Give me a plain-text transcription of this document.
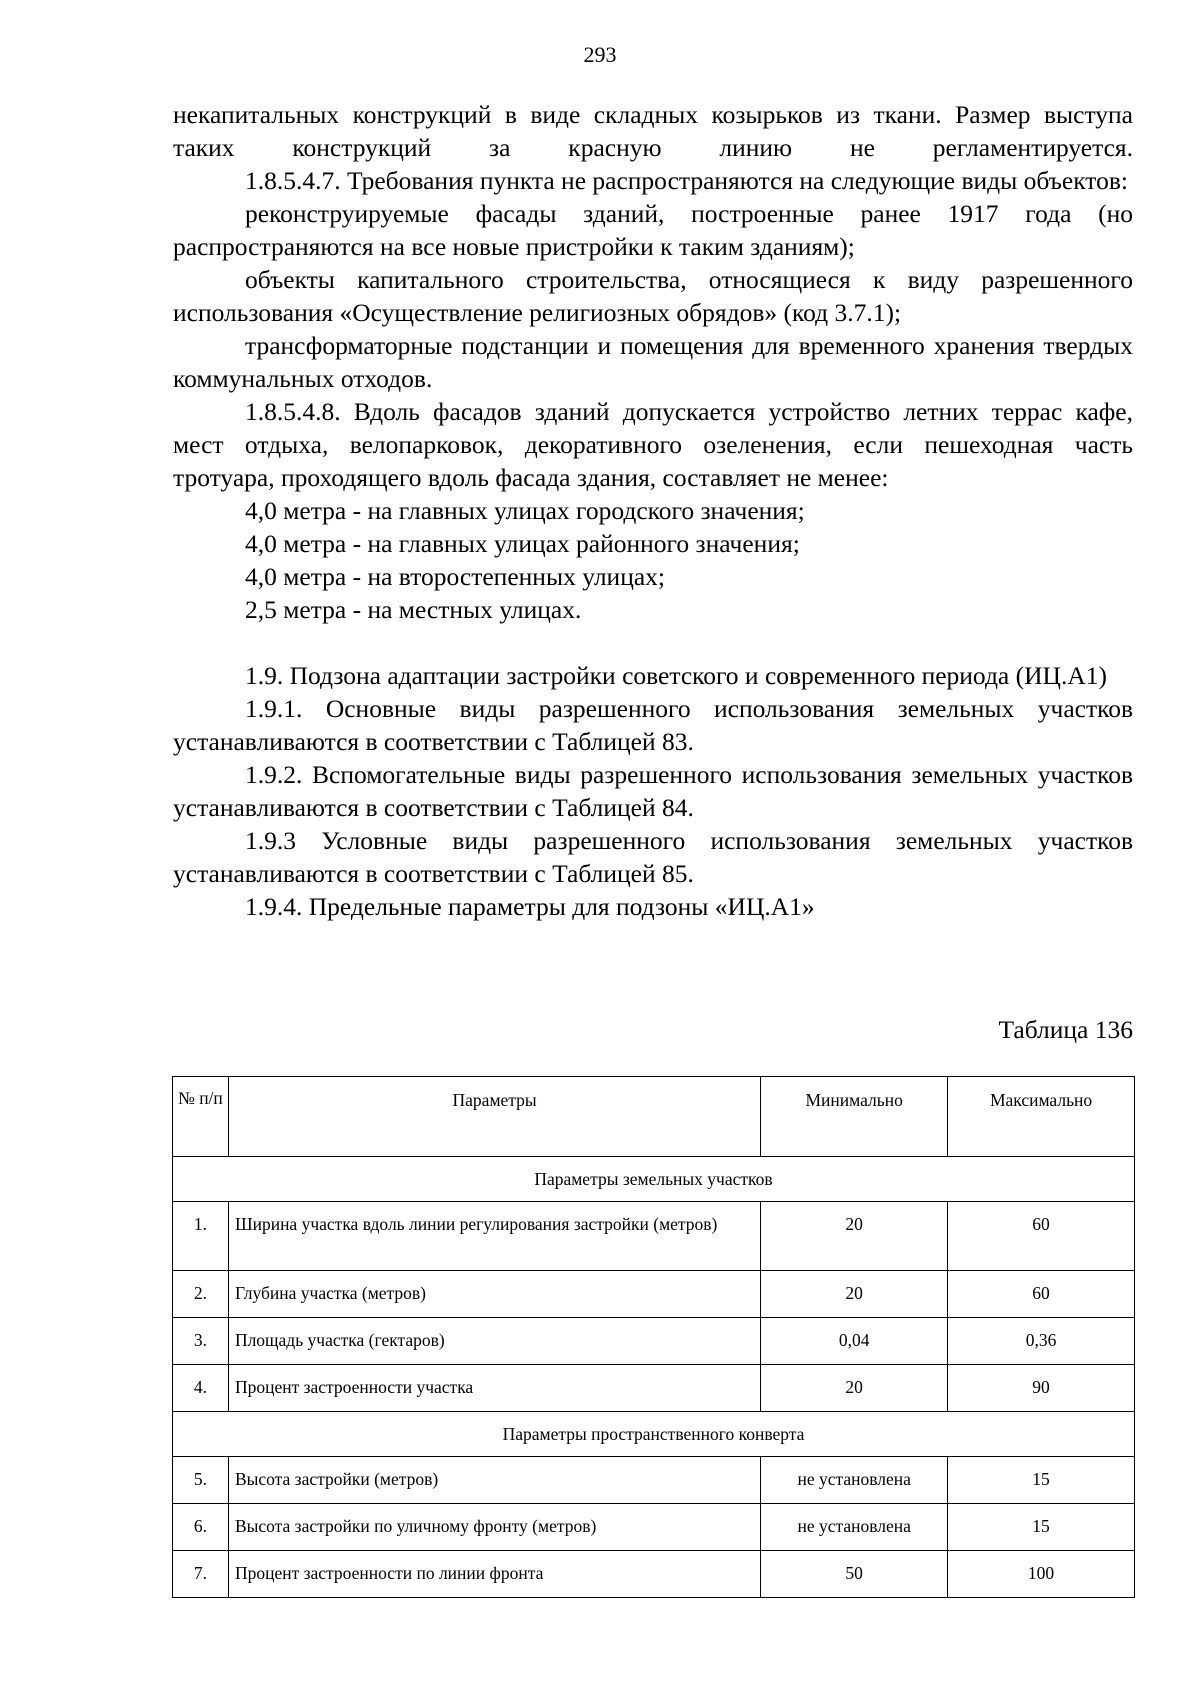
293

некапитальных конструкций в виде складных козырьков из ткани. Размер выступа таких конструкций за красную линию не регламентируется.

1.8.5.4.7. Требования пункта не распространяются на следующие виды объектов:

реконструируемые фасады зданий, построенные ранее 1917 года (но распространяются на все новые пристройки к таким зданиям);

объекты капитального строительства, относящиеся к виду разрешенного использования «Осуществление религиозных обрядов» (код 3.7.1);

трансформаторные подстанции и помещения для временного хранения твердых коммунальных отходов.

1.8.5.4.8. Вдоль фасадов зданий допускается устройство летних террас кафе, мест отдыха, велопарковок, декоративного озеленения, если пешеходная часть тротуара, проходящего вдоль фасада здания, составляет не менее:

4,0 метра - на главных улицах городского значения;

4,0 метра - на главных улицах районного значения;

4,0 метра - на второстепенных улицах;

2,5 метра - на местных улицах.

1.9. Подзона адаптации застройки советского и современного периода (ИЦ.А1)

1.9.1. Основные виды разрешенного использования земельных участков устанавливаются в соответствии с Таблицей 83.

1.9.2. Вспомогательные виды разрешенного использования земельных участков устанавливаются в соответствии с Таблицей 84.

1.9.3 Условные виды разрешенного использования земельных участков устанавливаются в соответствии с Таблицей 85.

1.9.4. Предельные параметры для подзоны «ИЦ.А1»

Таблица 136
№ п/п	Параметры	Минимально	Максимально
Параметры земельных участков			
1.	Ширина участка вдоль линии регулирования застройки (метров)	20	60
2.	Глубина участка (метров)	20	60
3.	Площадь участка (гектаров)	0,04	0,36
4.	Процент застроенности участка	20	90
Параметры пространственного конверта			
5.	Высота застройки (метров)	не установлена	15
6.	Высота застройки по уличному фронту (метров)	не установлена	15
7.	Процент застроенности по линии фронта	50	100
